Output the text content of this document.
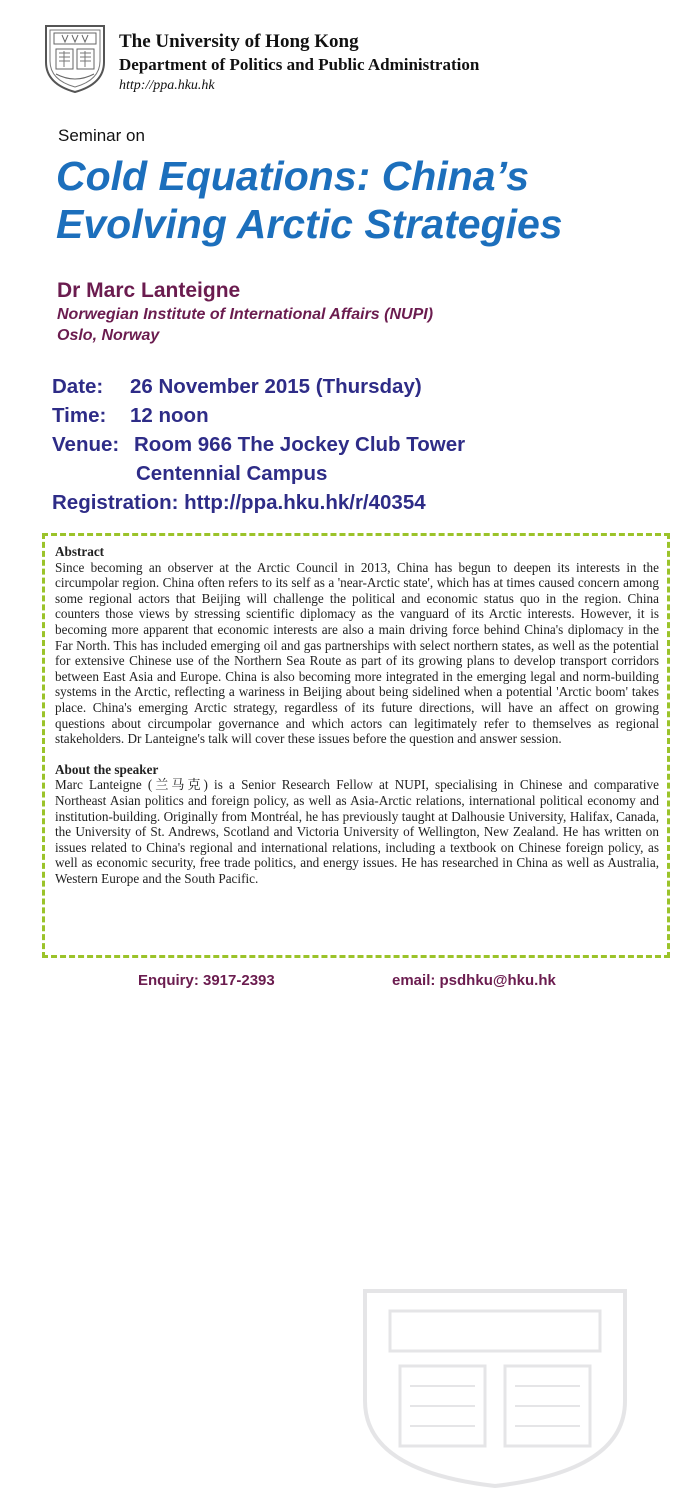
The University of Hong Kong
Department of Politics and Public Administration
http://ppa.hku.hk
Seminar on
Cold Equations: China’s
Evolving Arctic Strategies
Dr Marc Lanteigne
Norwegian Institute of International Affairs (NUPI)
Oslo, Norway
Date: 26 November 2015 (Thursday)
Time: 12 noon
Venue: Room 966 The Jockey Club Tower
Centennial Campus
Registration: http://ppa.hku.hk/r/40354
Abstract
Since becoming an observer at the Arctic Council in 2013, China has begun to deepen its interests in the circumpolar region. China often refers to its self as a 'near-Arctic state', which has at times caused concern among some regional actors that Beijing will challenge the political and economic status quo in the region. China counters those views by stressing scientific diplomacy as the vanguard of its Arctic interests. However, it is becoming more apparent that economic interests are also a main driving force behind China's diplomacy in the Far North. This has included emerging oil and gas partnerships with select northern states, as well as the potential for extensive Chinese use of the Northern Sea Route as part of its growing plans to develop transport corridors between East Asia and Europe. China is also becoming more integrated in the emerging legal and norm-building systems in the Arctic, reflecting a wariness in Beijing about being sidelined when a potential 'Arctic boom' takes place. China's emerging Arctic strategy, regardless of its future directions, will have an affect on growing questions about circumpolar governance and which actors can legitimately refer to themselves as regional stakeholders. Dr Lanteigne's talk will cover these issues before the question and answer session.
About the speaker
Marc Lanteigne (兰马克) is a Senior Research Fellow at NUPI, specialising in Chinese and comparative Northeast Asian politics and foreign policy, as well as Asia-Arctic relations, international political economy and institution-building. Originally from Montréal, he has previously taught at Dalhousie University, Halifax, Canada, the University of St. Andrews, Scotland and Victoria University of Wellington, New Zealand. He has written on issues related to China's regional and international relations, including a textbook on Chinese foreign policy, as well as economic security, free trade politics, and energy issues. He has researched in China as well as Australia, Western Europe and the South Pacific.
Enquiry: 3917-2393	email: psdhku@hku.hk
